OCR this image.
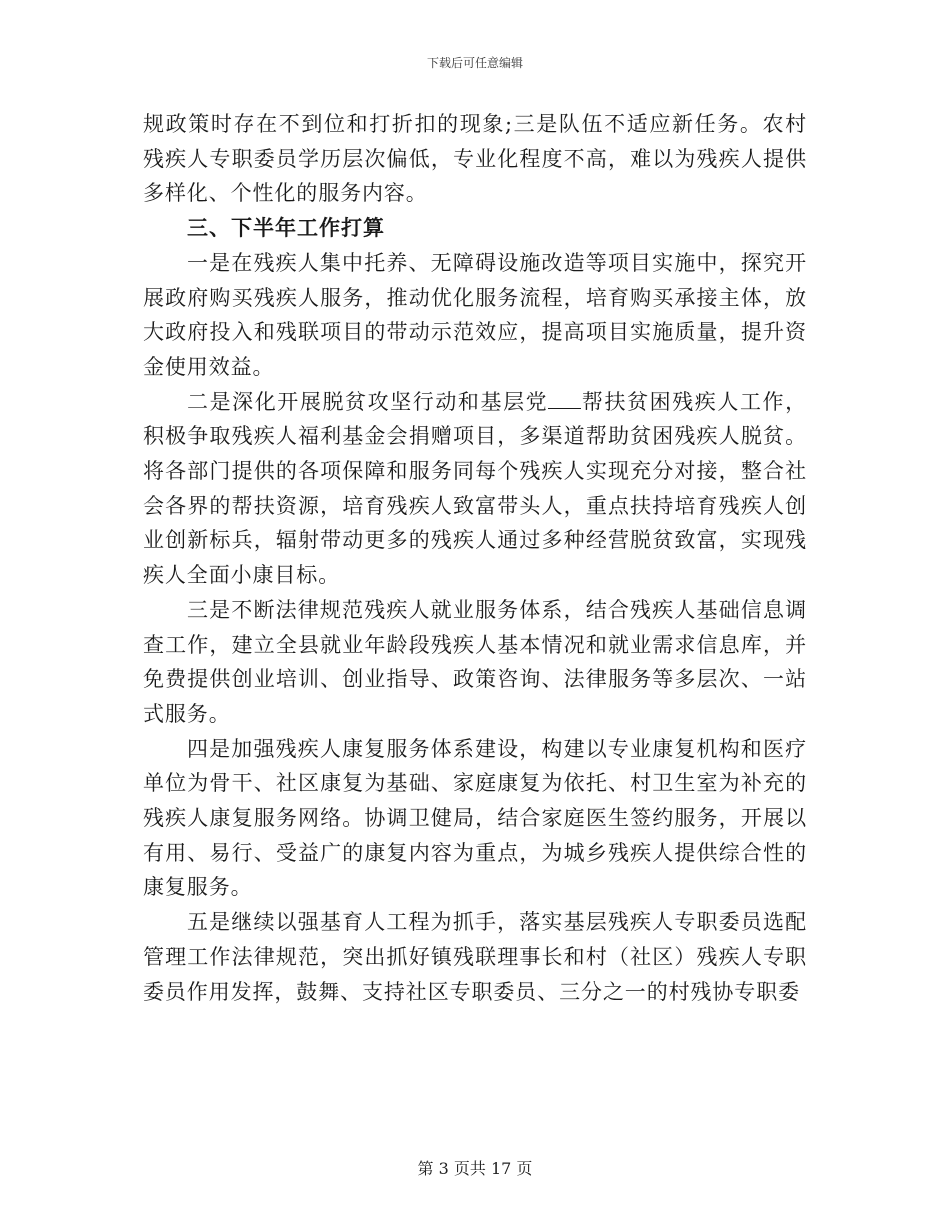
下载后可任意编辑

规政策时存在不到位和打折扣的现象;三是队伍不适应新任务。农村残疾人专职委员学历层次偏低，专业化程度不高，难以为残疾人提供多样化、个性化的服务内容。

三、下半年工作打算

一是在残疾人集中托养、无障碍设施改造等项目实施中，探究开展政府购买残疾人服务，推动优化服务流程，培育购买承接主体，放大政府投入和残联项目的带动示范效应，提高项目实施质量，提升资金使用效益。

二是深化开展脱贫攻坚行动和基层党 帮扶贫困残疾人工作，积极争取残疾人福利基金会捐赠项目，多渠道帮助贫困残疾人脱贫。将各部门提供的各项保障和服务同每个残疾人实现充分对接，整合社会各界的帮扶资源，培育残疾人致富带头人，重点扶持培育残疾人创业创新标兵，辐射带动更多的残疾人通过多种经营脱贫致富，实现残疾人全面小康目标。

三是不断法律规范残疾人就业服务体系，结合残疾人基础信息调查工作，建立全县就业年龄段残疾人基本情况和就业需求信息库，并免费提供创业培训、创业指导、政策咨询、法律服务等多层次、一站式服务。

四是加强残疾人康复服务体系建设，构建以专业康复机构和医疗单位为骨干、社区康复为基础、家庭康复为依托、村卫生室为补充的残疾人康复服务网络。协调卫健局，结合家庭医生签约服务，开展以有用、易行、受益广的康复内容为重点，为城乡残疾人提供综合性的康复服务。

五是继续以强基育人工程为抓手，落实基层残疾人专职委员选配管理工作法律规范，突出抓好镇残联理事长和村（社区）残疾人专职委员作用发挥，鼓舞、支持社区专职委员、三分之一的村残协专职委

第 3 页共 17 页
